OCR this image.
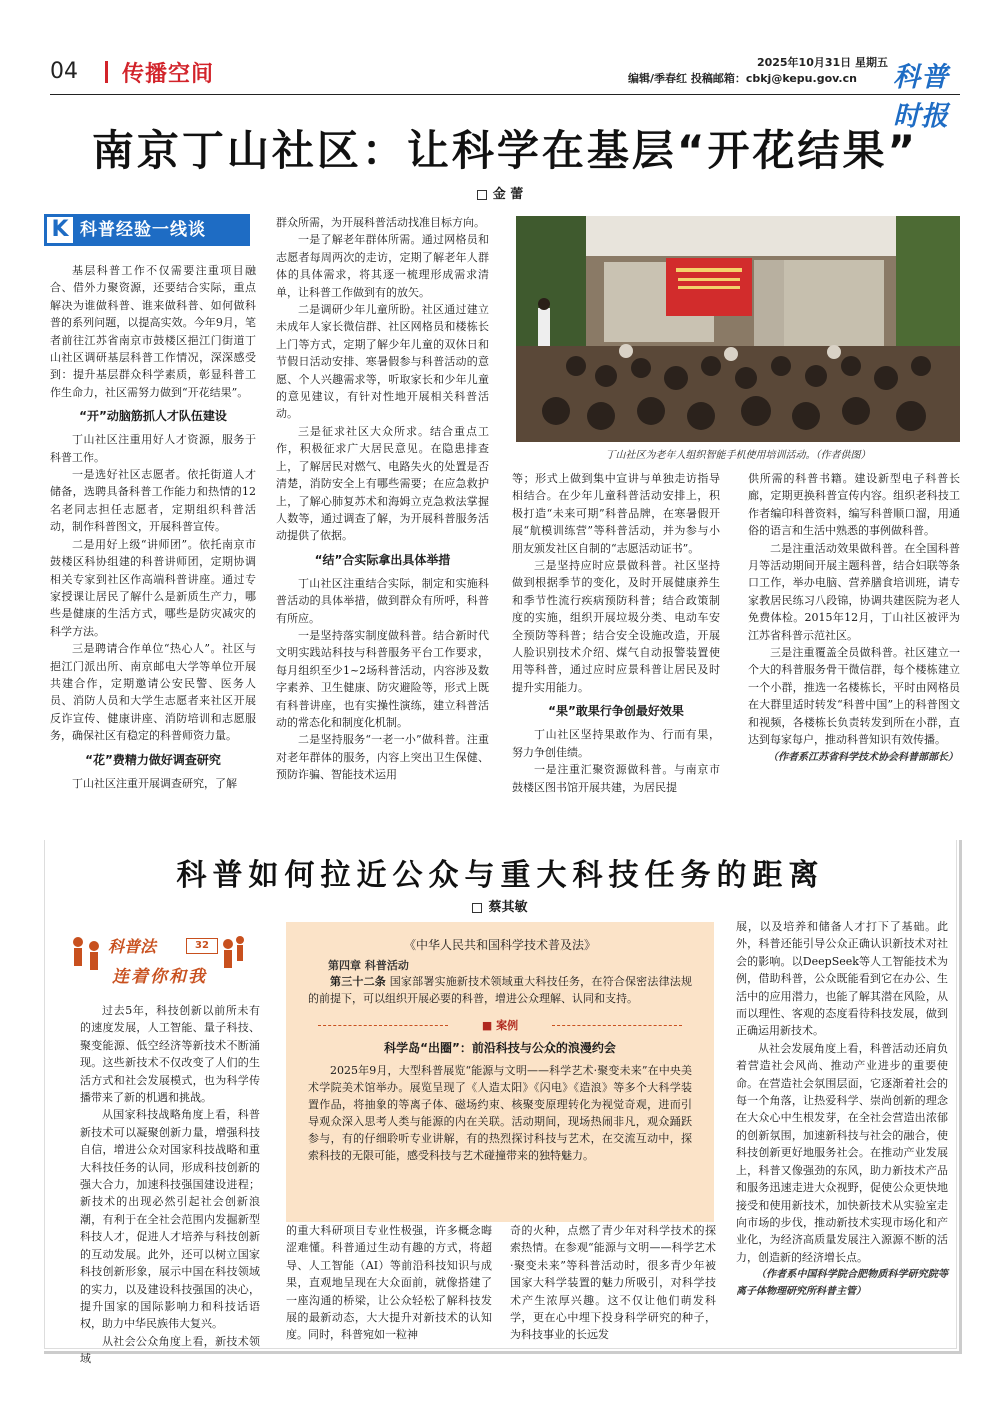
04 传播空间	2025年10月31日 星期五
编辑/季春红 投稿邮箱：cbkj@kepu.gov.cn	科普时报
南京丁山社区：让科学在基层“开花结果”
金 蕾
K 科普经验一线谈

基层科普工作不仅需要注重项目融合、借外力聚资源，还要结合实际，重点解决为谁做科普、谁来做科普、如何做科普的系列问题，以提高实效。今年9月，笔者前往江苏省南京市鼓楼区挹江门街道丁山社区调研基层科普工作情况，深深感受到：提升基层群众科学素质，彰显科普工作生命力，社区需努力做到“开花结果”。

“开”动脑筋抓人才队伍建设

丁山社区注重用好人才资源，服务于科普工作。

一是选好社区志愿者。依托街道人才储备，选聘具备科普工作能力和热情的12名老同志担任志愿者，定期组织科普活动，制作科普图文，开展科普宣传。

二是用好上级“讲师团”。依托南京市鼓楼区科协组建的科普讲师团，定期协调相关专家到社区作高端科普讲座。通过专家授课让居民了解什么是新质生产力，哪些是健康的生活方式，哪些是防灾减灾的科学方法。

三是聘请合作单位“热心人”。社区与挹江门派出所、南京邮电大学等单位开展共建合作，定期邀请公安民警、医务人员、消防人员和大学生志愿者来社区开展反诈宣传、健康讲座、消防培训和志愿服务，确保社区有稳定的科普师资力量。

“花”费精力做好调查研究

丁山社区注重开展调查研究，了解

群众所需，为开展科普活动找准目标方向。

一是了解老年群体所需。通过网格员和志愿者每周两次的走访，定期了解老年人群体的具体需求，将其逐一梳理形成需求清单，让科普工作做到有的放矢。

二是调研少年儿童所盼。社区通过建立未成年人家长微信群、社区网格员和楼栋长上门等方式，定期了解少年儿童的双休日和节假日活动安排、寒暑假参与科普活动的意愿、个人兴趣需求等，听取家长和少年儿童的意见建议，有针对性地开展相关科普活动。

三是征求社区大众所求。结合重点工作，积极征求广大居民意见。在隐患排查上，了解居民对燃气、电路失火的处置是否清楚，消防安全上有哪些需要；在应急救护上，了解心肺复苏术和海姆立克急救法掌握人数等，通过调查了解，为开展科普服务活动提供了依据。

“结”合实际拿出具体举措

丁山社区注重结合实际，制定和实施科普活动的具体举措，做到群众有所呼，科普有所应。

一是坚持落实制度做科普。结合新时代文明实践站科技与科普服务平台工作要求，每月组织至少1~2场科普活动，内容涉及数字素养、卫生健康、防灾避险等，形式上既有科普讲座，也有实操性演练，建立科普活动的常态化和制度化机制。

二是坚持服务“一老一小”做科普。注重对老年群体的服务，内容上突出卫生保健、预防诈骗、智能技术运用

丁山社区为老年人组织智能手机使用培训活动。（作者供图）

等；形式上做到集中宣讲与单独走访指导相结合。在少年儿童科普活动安排上，积极打造“未来可期”科普品牌，在寒暑假开展“航模训练营”等科普活动，并为参与小朋友颁发社区自制的“志愿活动证书”。

三是坚持应时应景做科普。社区坚持做到根据季节的变化，及时开展健康养生和季节性流行疾病预防科普；结合政策制度的实施，组织开展垃圾分类、电动车安全预防等科普；结合安全设施改造，开展人脸识别技术介绍、煤气自动报警装置使用等科普，通过应时应景科普让居民及时提升实用能力。

“果”敢果行争创最好效果

丁山社区坚持果敢作为、行而有果，努力争创佳绩。

一是注重汇聚资源做科普。与南京市鼓楼区图书馆开展共建，为居民提

供所需的科普书籍。建设新型电子科普长廊，定期更换科普宣传内容。组织老科技工作者编印科普资料，编写科普顺口溜，用通俗的语言和生活中熟悉的事例做科普。

二是注重活动效果做科普。在全国科普月等活动期间开展主题科普，结合妇联等条口工作，举办电脑、营养膳食培训班，请专家教居民练习八段锦，协调共建医院为老人免费体检。2015年12月，丁山社区被评为江苏省科普示范社区。

三是注重覆盖全员做科普。社区建立一个大的科普服务骨干微信群，每个楼栋建立一个小群，推选一名楼栋长，平时由网格员在大群里适时转发“科普中国”上的科普图文和视频，各楼栋长负责转发到所在小群，直达到每家每户，推动科普知识有效传播。

（作者系江苏省科学技术协会科普部部长）

科普如何拉近公众与重大科技任务的距离
蔡其敏
科普法	32
连着你和我
《中华人民共和国科学技术普及法》
第四章 科普活动

第三十二条 国家部署实施新技术领域重大科技任务，在符合保密法律法规的前提下，可以组织开展必要的科普，增进公众理解、认同和支持。

■ 案例
科学岛“出圈”：前沿科技与公众的浪漫约会

2025年9月，大型科普展览“能源与文明——科学艺术·聚变未来”在中央美术学院美术馆举办。展览呈现了《人造太阳》《闪电》《造浪》等多个大科学装置作品，将抽象的等离子体、磁场约束、核聚变原理转化为视觉奇观，进而引导观众深入思考人类与能源的内在关联。活动期间，现场热闹非凡，观众踊跃参与，有的仔细聆听专业讲解，有的热烈探讨科技与艺术，在交流互动中，探索科技的无限可能，感受科技与艺术碰撞带来的独特魅力。

过去5年，科技创新以前所未有的速度发展，人工智能、量子科技、聚变能源、低空经济等新技术不断涌现。这些新技术不仅改变了人们的生活方式和社会发展模式，也为科学传播带来了新的机遇和挑战。

从国家科技战略角度上看，科普新技术可以凝聚创新力量，增强科技自信，增进公众对国家科技战略和重大科技任务的认同，形成科技创新的强大合力，加速科技强国建设进程；新技术的出现必然引起社会创新浪潮，有利于在全社会范围内发掘新型科技人才，促进人才培养与科技创新的互动发展。此外，还可以树立国家科技创新形象，展示中国在科技领域的实力，以及建设科技强国的决心，提升国家的国际影响力和科技话语权，助力中华民族伟大复兴。

从社会公众角度上看，新技术领域

的重大科研项目专业性极强，许多概念晦涩难懂。科普通过生动有趣的方式，将超导、人工智能（AI）等前沿科技知识与成果，直观地呈现在大众面前，就像搭建了一座沟通的桥梁，让公众轻松了解科技发展的最新动态，大大提升对新技术的认知度。同时，科普宛如一粒神

奇的火种，点燃了青少年对科学技术的探索热情。在参观“能源与文明——科学艺术·聚变未来”等科普活动时，很多青少年被国家大科学装置的魅力所吸引，对科学技术产生浓厚兴趣。这不仅让他们萌发科学，更在心中埋下投身科学研究的种子，为科技事业的长远发

展，以及培养和储备人才打下了基础。此外，科普还能引导公众正确认识新技术对社会的影响。以DeepSeek等人工智能技术为例，借助科普，公众既能看到它在办公、生活中的应用潜力，也能了解其潜在风险，从而以理性、客观的态度看待科技发展，做到正确运用新技术。

从社会发展角度上看，科普活动还肩负着营造社会风尚、推动产业进步的重要使命。在营造社会氛围层面，它逐渐着社会的每一个角落，让热爱科学、崇尚创新的理念在大众心中生根发芽，在全社会营造出浓郁的创新氛围，加速新科技与社会的融合，使科技创新更好地服务社会。在推动产业发展上，科普又像强劲的东风，助力新技术产品和服务迅速走进大众视野，促使公众更快地接受和使用新技术，加快新技术从实验室走向市场的步伐，推动新技术实现市场化和产业化，为经济高质量发展注入源源不断的活力，创造新的经济增长点。

（作者系中国科学院合肥物质科学研究院等离子体物理研究所科普主管）
